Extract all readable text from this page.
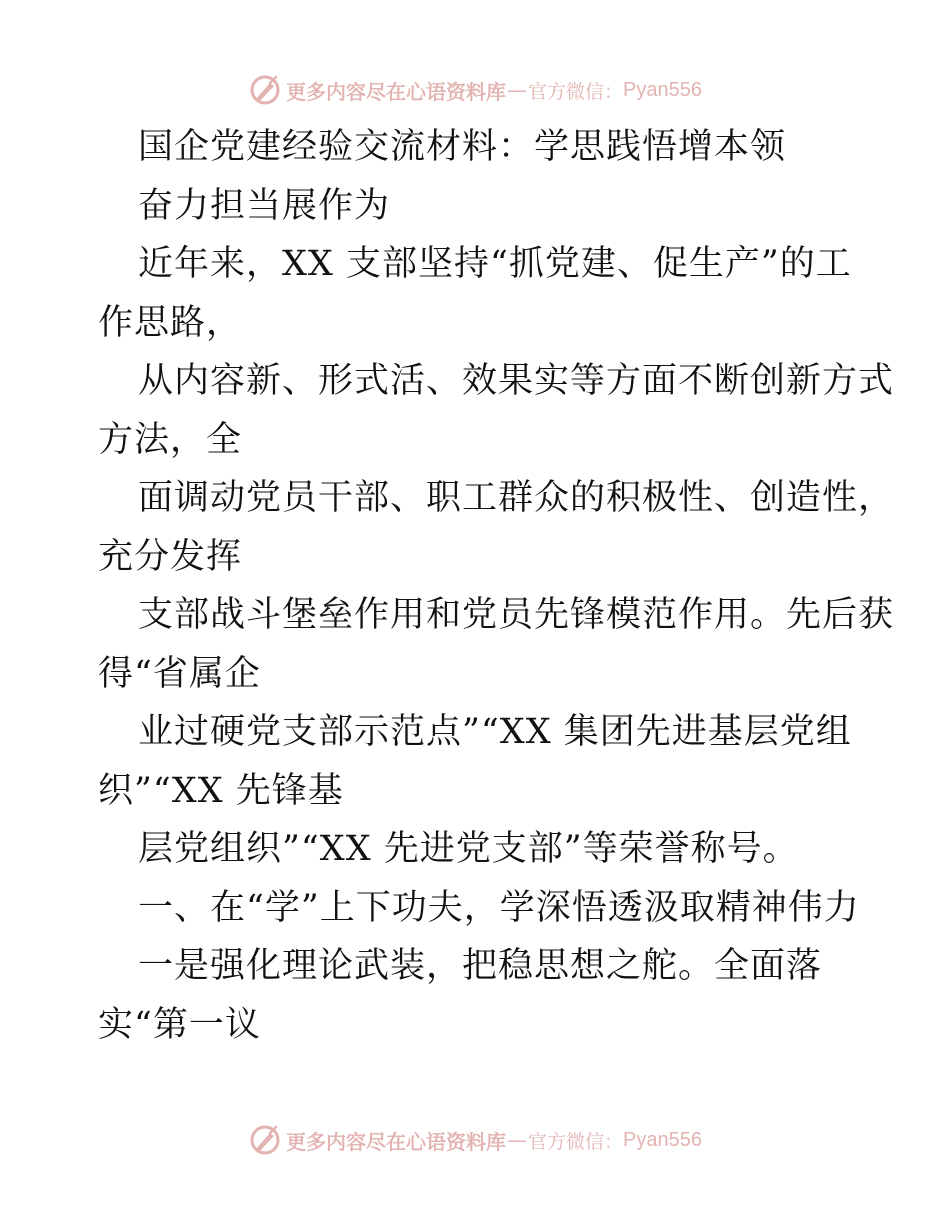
更多内容尽在心语资料库 — 官方微信： Pyan556
国企党建经验交流材料：学思践悟增本领
奋力担当展作为
近年来，XX 支部坚持“抓党建、促生产”的工
作思路，
从内容新、形式活、效果实等方面不断创新方式
方法，全
面调动党员干部、职工群众的积极性、创造性，
充分发挥
支部战斗堡垒作用和党员先锋模范作用。先后获
得“省属企
业过硬党支部示范点”“XX 集团先进基层党组
织”“XX 先锋基
层党组织”“XX 先进党支部”等荣誉称号。
一、在“学”上下功夫，学深悟透汲取精神伟力
一是强化理论武装，把稳思想之舵。全面落
实“第一议
更多内容尽在心语资料库 — 官方微信： Pyan556
